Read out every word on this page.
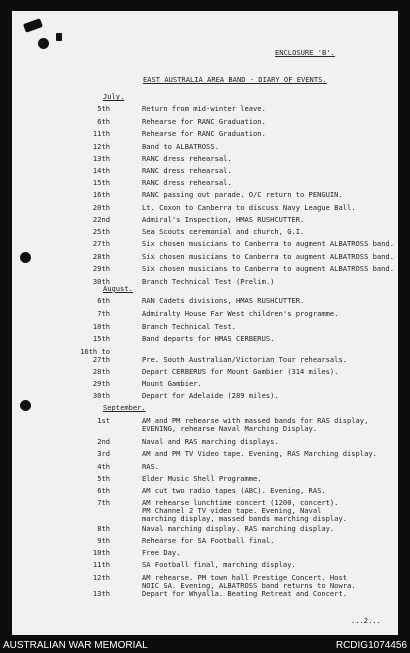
ENCLOSURE 'B'.
EAST AUSTRALIA AREA BAND - DIARY OF EVENTS.
July.
5th	Return from mid-winter leave.
6th	Rehearse for RANC Graduation.
11th	Rehearse for RANC Graduation.
12th	Band to ALBATROSS.
13th	RANC dress rehearsal.
14th	RANC dress rehearsal.
15th	RANC dress rehearsal.
16th	RANC passing out parade. O/C return to PENGUIN.
20th	Lt. Coxon to Canberra to discuss Navy League Ball.
22nd	Admiral's Inspection, HMAS RUSHCUTTER.
25th	Sea Scouts ceremonial and church, G.I.
27th	Six chosen musicians to Canberra to augment ALBATROSS band.
28th	Six chosen musicians to Canberra to augment ALBATROSS band.
29th	Six chosen musicians to Canberra to augment ALBATROSS band.
30th	Branch Technical Test (Prelim.)
August.
6th	RAN Cadets divisions, HMAS RUSHCUTTER.
7th	Admiralty House Far West children's programme.
10th	Branch Technical Test.
15th	Band departs for HMAS CERBERUS.
16th to
27th	Pre. South Australian/Victorian Tour rehearsals.
28th	Depart CERBERUS for Mount Gambier (314 miles).
29th	Mount Gambier.
30th	Depart for Adelaide (289 miles).
September.
1st	AM and PM rehearse with massed bands for RAS display,
EVENING, rehearse Naval Marching Display.
2nd	Naval and RAS marching displays.
3rd	AM and PM TV Video tape. Evening, RAS Marching display.
4th	RAS.
5th	Elder Music Shell Programme.
6th	AM cut two radio tapes (ABC). Evening, RAS.
7th	AM rehearse lunchtime concert (1200, concert).
PM Channel 2 TV video tape. Evening, Naval
marching display, massed bands marching display.
8th	Naval marching display. RAS marching display.
9th	Rehearse for SA Football final.
10th	Free Day.
11th	SA Football final, marching display.
12th	AM rehearse. PM town hall Prestige Concert. Host
NOIC SA. Evening, ALBATROSS band returns to Nowra.
13th	Depart for Whyalla. Beating Retreat and Concert.
...2...
AUSTRALIAN WAR MEMORIAL	RCDIG1074456
